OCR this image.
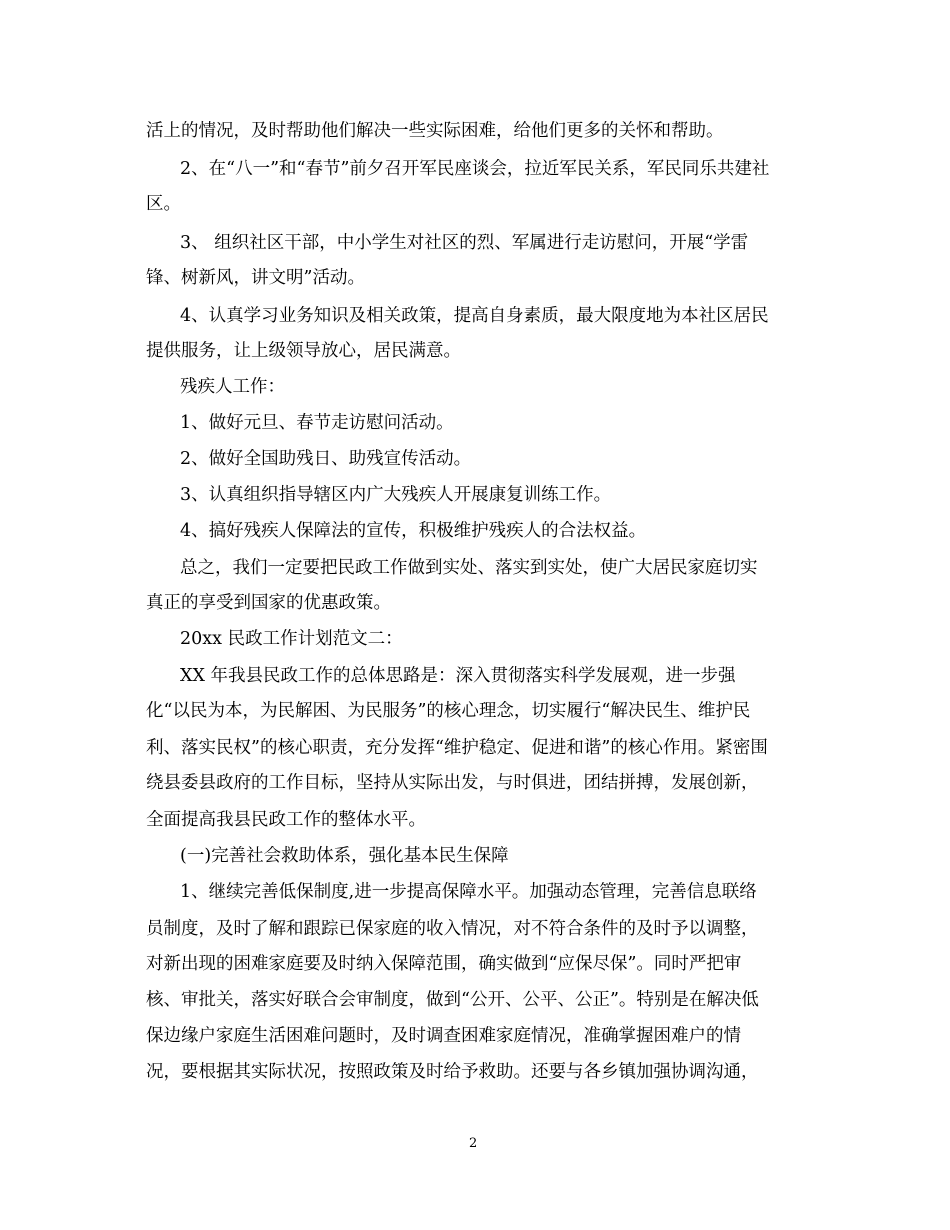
活上的情况，及时帮助他们解决一些实际困难，给他们更多的关怀和帮助。
2、在“八一”和“春节”前夕召开军民座谈会，拉近军民关系，军民同乐共建社
区。
3、 组织社区干部，中小学生对社区的烈、军属进行走访慰问，开展“学雷
锋、树新风，讲文明”活动。
4、认真学习业务知识及相关政策，提高自身素质，最大限度地为本社区居民
提供服务，让上级领导放心，居民满意。
残疾人工作：
1、做好元旦、春节走访慰问活动。
2、做好全国助残日、助残宣传活动。
3、认真组织指导辖区内广大残疾人开展康复训练工作。
4、搞好残疾人保障法的宣传，积极维护残疾人的合法权益。
总之，我们一定要把民政工作做到实处、落实到实处，使广大居民家庭切实
真正的享受到国家的优惠政策。
20xx 民政工作计划范文二：
XX 年我县民政工作的总体思路是：深入贯彻落实科学发展观，进一步强
化“以民为本，为民解困、为民服务”的核心理念，切实履行“解决民生、维护民
利、落实民权”的核心职责，充分发挥“维护稳定、促进和谐”的核心作用。紧密围
绕县委县政府的工作目标，坚持从实际出发，与时俱进，团结拼搏，发展创新，
全面提高我县民政工作的整体水平。
(一)完善社会救助体系，强化基本民生保障
1、继续完善低保制度,进一步提高保障水平。加强动态管理，完善信息联络
员制度，及时了解和跟踪已保家庭的收入情况，对不符合条件的及时予以调整，
对新出现的困难家庭要及时纳入保障范围，确实做到“应保尽保”。同时严把审
核、审批关，落实好联合会审制度，做到“公开、公平、公正”。特别是在解决低
保边缘户家庭生活困难问题时，及时调查困难家庭情况，准确掌握困难户的情
况，要根据其实际状况，按照政策及时给予救助。还要与各乡镇加强协调沟通，
2
